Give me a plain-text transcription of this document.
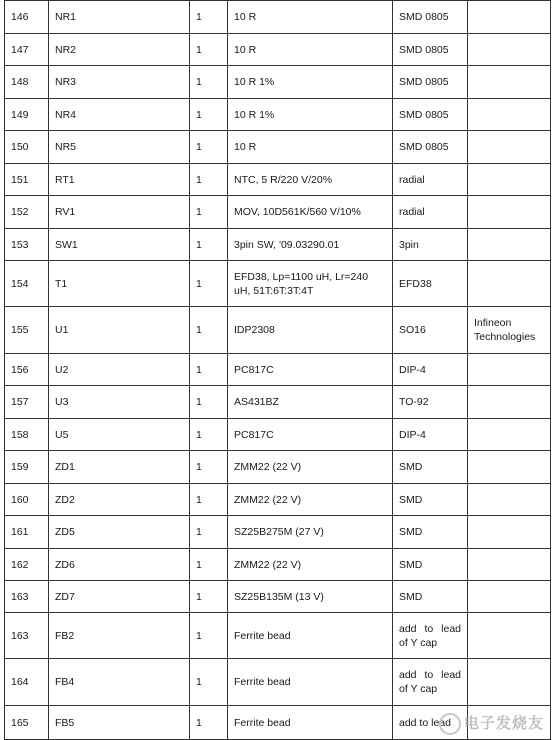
146	NR1	1	10 R	SMD 0805	
147	NR2	1	10 R	SMD 0805	
148	NR3	1	10 R 1%	SMD 0805	
149	NR4	1	10 R 1%	SMD 0805	
150	NR5	1	10 R	SMD 0805	
151	RT1	1	NTC, 5 R/220 V/20%	radial	
152	RV1	1	MOV, 10D561K/560 V/10%	radial	
153	SW1	1	3pin SW, '09.03290.01	3pin	
154	T1	1	EFD38, Lp=1100 uH, Lr=240 uH, 51T:6T:3T:4T	EFD38	
155	U1	1	IDP2308	SO16	Infineon Technologies
156	U2	1	PC817C	DIP-4	
157	U3	1	AS431BZ	TO-92	
158	U5	1	PC817C	DIP-4	
159	ZD1	1	ZMM22 (22 V)	SMD	
160	ZD2	1	ZMM22 (22 V)	SMD	
161	ZD5	1	SZ25B275M (27 V)	SMD	
162	ZD6	1	ZMM22 (22 V)	SMD	
163	ZD7	1	SZ25B135M (13 V)	SMD	
163	FB2	1	Ferrite bead	add to lead of Y cap	
164	FB4	1	Ferrite bead	add to lead of Y cap	
165	FB5	1	Ferrite bead	add to lead	电子发烧友
